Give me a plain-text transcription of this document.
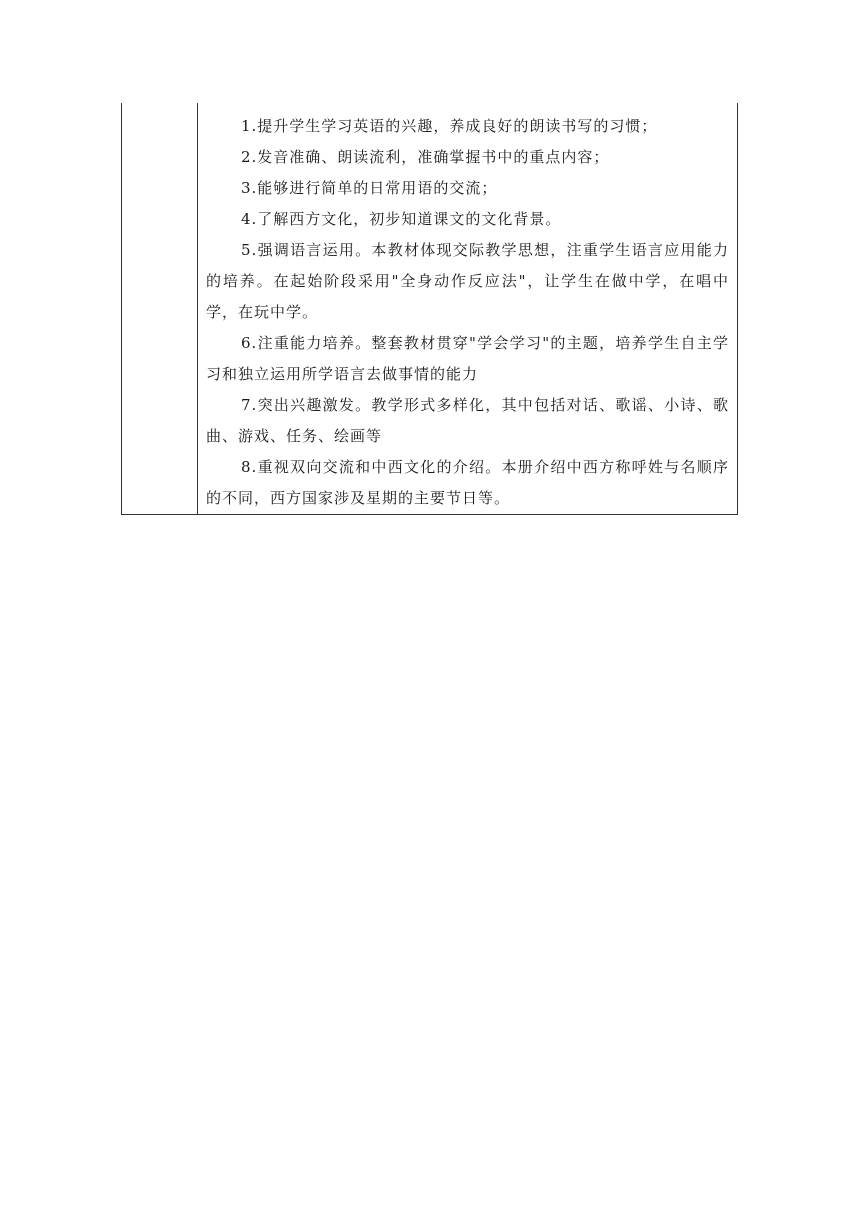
1.提升学生学习英语的兴趣，养成良好的朗读书写的习惯；

2.发音准确、朗读流利，准确掌握书中的重点内容；

3.能够进行简单的日常用语的交流；

4.了解西方文化，初步知道课文的文化背景。

5.强调语言运用。本教材体现交际教学思想，注重学生语言应用能力的培养。在起始阶段采用"全身动作反应法"，让学生在做中学，在唱中学，在玩中学。

6.注重能力培养。整套教材贯穿"学会学习"的主题，培养学生自主学习和独立运用所学语言去做事情的能力

7.突出兴趣激发。教学形式多样化，其中包括对话、歌谣、小诗、歌曲、游戏、任务、绘画等

8.重视双向交流和中西文化的介绍。本册介绍中西方称呼姓与名顺序的不同，西方国家涉及星期的主要节日等。
